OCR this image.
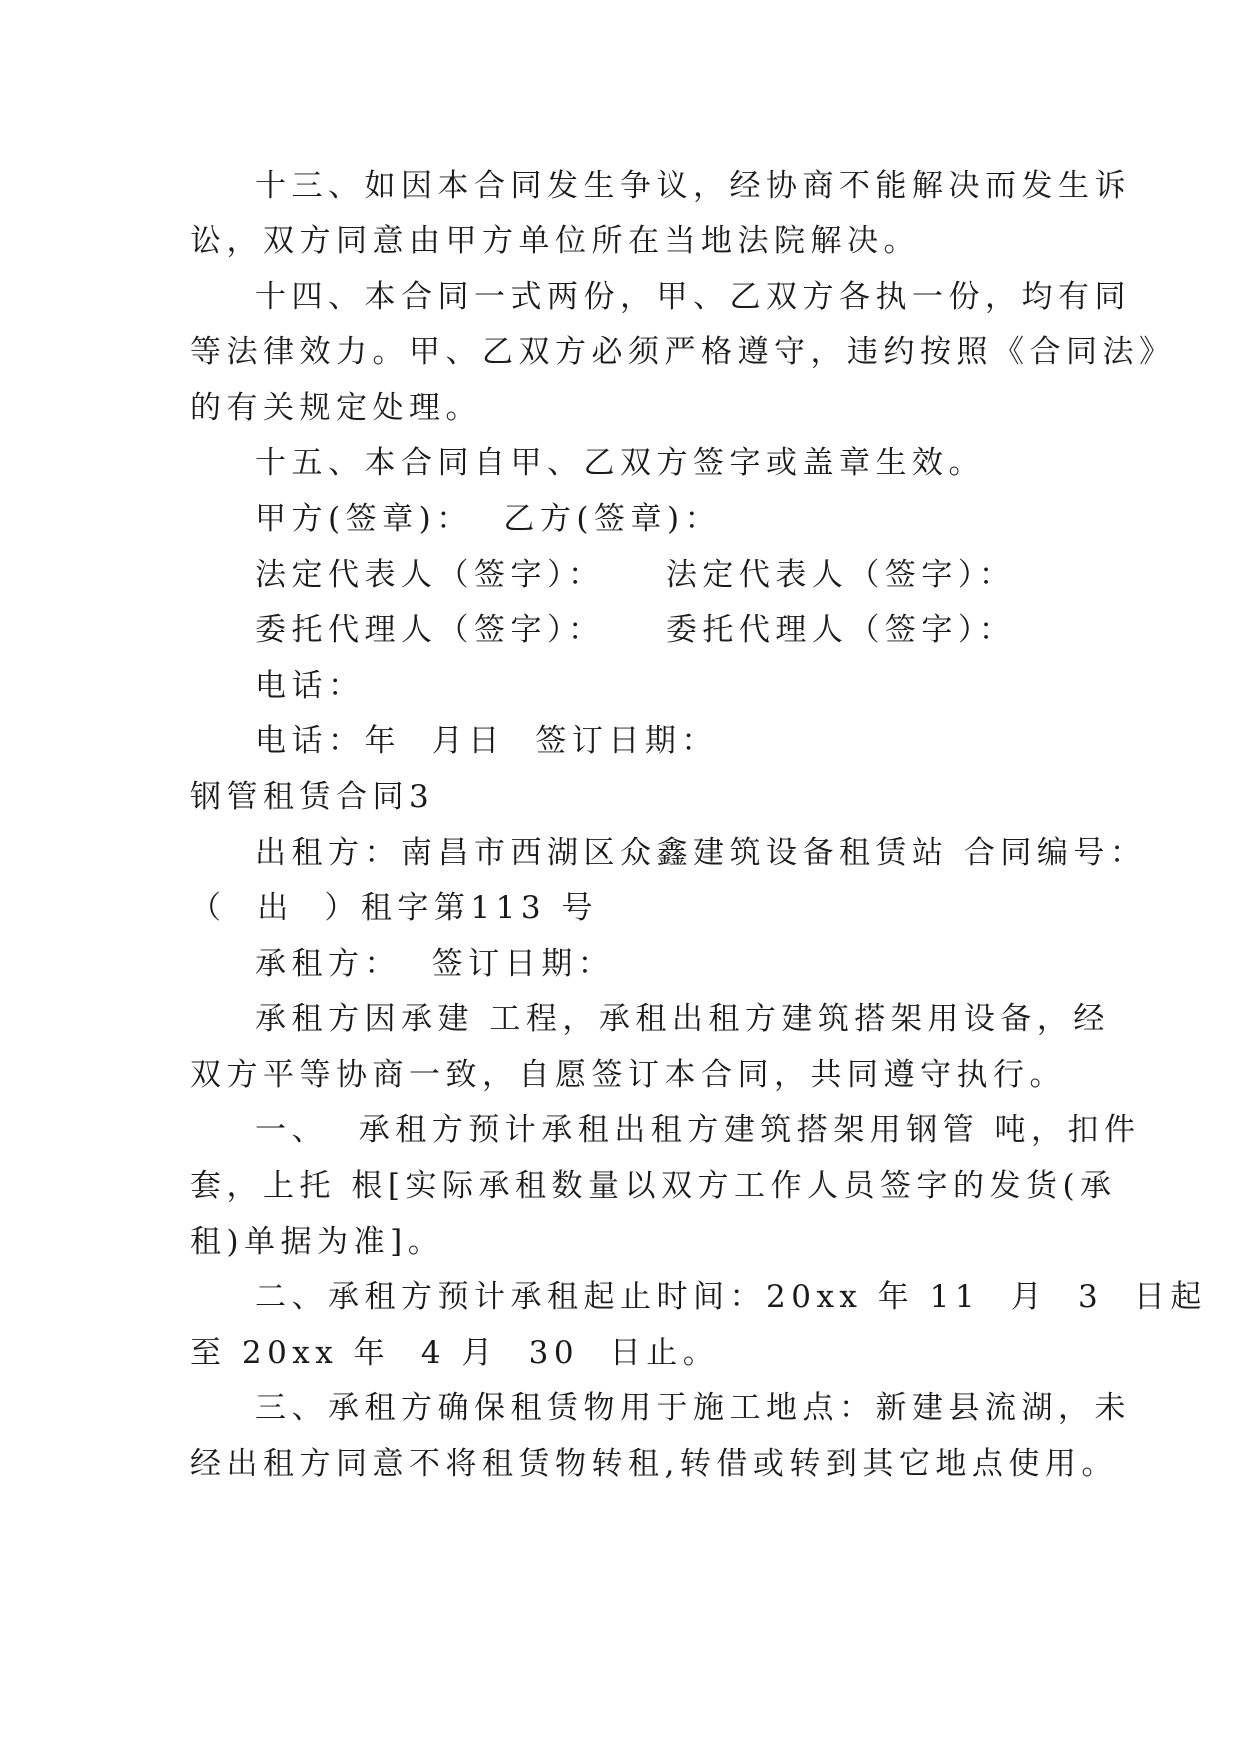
十三、如因本合同发生争议，经协商不能解决而发生诉

讼，双方同意由甲方单位所在当地法院解决。

十四、本合同一式两份，甲、乙双方各执一份，均有同

等法律效力。甲、乙双方必须严格遵守，违约按照《合同法》

的有关规定处理。

十五、本合同自甲、乙双方签字或盖章生效。

甲方(签章)：  乙方(签章)：

法定代表人（签字）：    法定代表人（签字）：

委托代理人（签字）：    委托代理人（签字）：

电话：

电话：年  月日  签订日期：

钢管租赁合同3

出租方：南昌市西湖区众鑫建筑设备租赁站 合同编号：

（  出  ）租字第113 号

承租方：  签订日期：

承租方因承建 工程，承租出租方建筑搭架用设备，经

双方平等协商一致，自愿签订本合同，共同遵守执行。

一、  承租方预计承租出租方建筑搭架用钢管 吨，扣件

套，上托 根[实际承租数量以双方工作人员签字的发货(承

租)单据为准]。

二、承租方预计承租起止时间：20xx 年 11  月  3  日起

至 20xx 年  4 月  30  日止。

三、承租方确保租赁物用于施工地点：新建县流湖，未

经出租方同意不将租赁物转租,转借或转到其它地点使用。
